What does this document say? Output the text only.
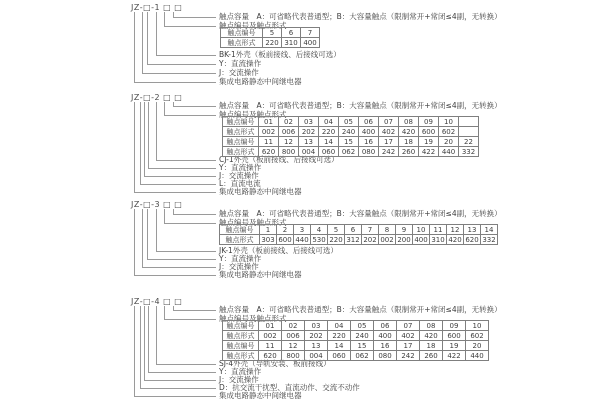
JZ-□-1 □ □
触点容量　A：可省略代表普通型；B：大容量触点（限制常开+常闭≤4副，无转换）
触点编号及触点形式
BK-1外壳（板前接线、后接线可选）
Y：直流操作
J：交流操作
集成电路静态中间继电器
触点编号	5	6	7
触点形式	220	310	400
JZ-□-2 □ □
触点容量　A：可省略代表普通型；B：大容量触点（限制常开+常闭≤4副，无转换）
触点编号及触点形式
CJ-1外壳（板前接线、后接线可选）
Y：直流操作
J：交流操作
L：直流电流
集成电路静态中间继电器
触点编号	01	02	03	04	05	06	07	08	09	10	
触点形式	002	006	202	220	240	400	402	420	600	602	
触点编号	11	12	13	14	15	16	17	18	19	20	22
触点形式	620	800	004	060	062	080	242	260	422	440	332
JZ-□-3 □ □
触点容量　A：可省略代表普通型；B：大容量触点（限制常开+常闭≤4副，无转换）
触点编号及触点形式
JK-1外壳（板前接线、后接线可选）
Y：直流操作
J：交流操作
集成电路静态中间继电器
触点编号	1	2	3	4	5	6	7	8	9	10	11	12	13	14
触点形式	303	600	440	530	220	312	202	002	200	400	310	420	620	332
JZ-□-4 □ □
触点容量　A：可省略代表普通型；B：大容量触点（限制常开+常闭≤4副，无转换）
触点编号及触点形式
SJ-4外壳（导轨安装、板前接线）
Y：直流操作
J：交流操作
D：抗交流干扰型、直流动作、交流不动作
集成电路静态中间继电器
触点编号	01	02	03	04	05	06	07	08	09	10
触点形式	002	006	202	220	240	400	402	420	600	602
触点编号	11	12	13	14	15	16	17	18	19	20
触点形式	620	800	004	060	062	080	242	260	422	440
